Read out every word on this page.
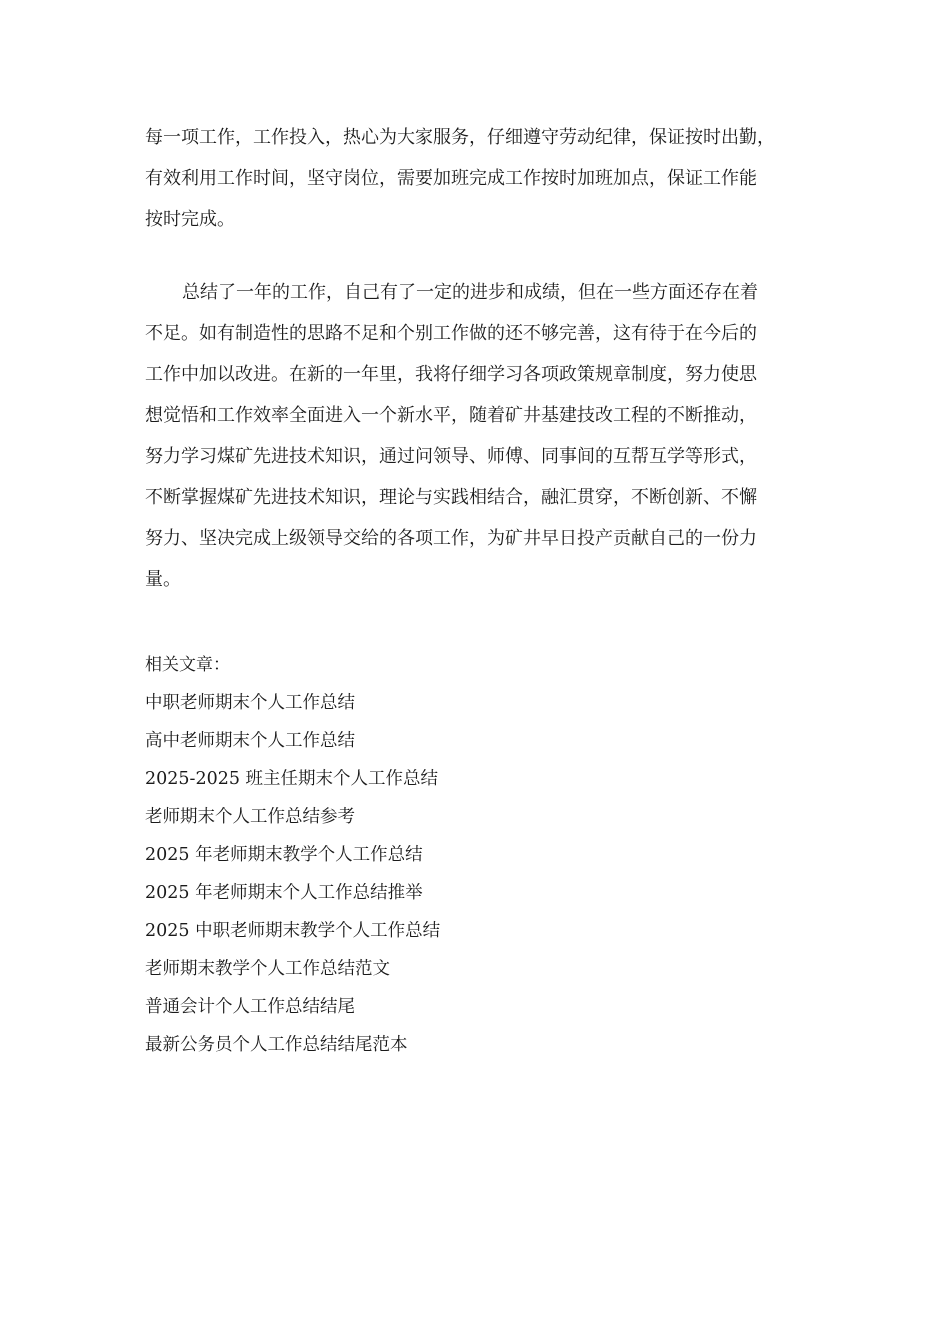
每一项工作，工作投入，热心为大家服务，仔细遵守劳动纪律，保证按时出勤，
有效利用工作时间，坚守岗位，需要加班完成工作按时加班加点，保证工作能
按时完成。
总结了一年的工作，自己有了一定的进步和成绩，但在一些方面还存在着
不足。如有制造性的思路不足和个别工作做的还不够完善，这有待于在今后的
工作中加以改进。在新的一年里，我将仔细学习各项政策规章制度，努力使思
想觉悟和工作效率全面进入一个新水平，随着矿井基建技改工程的不断推动，
努力学习煤矿先进技术知识，通过问领导、师傅、同事间的互帮互学等形式，
不断掌握煤矿先进技术知识，理论与实践相结合，融汇贯穿，不断创新、不懈
努力、坚决完成上级领导交给的各项工作，为矿井早日投产贡献自己的一份力
量。
相关文章：
中职老师期末个人工作总结
高中老师期末个人工作总结
2025-2025 班主任期末个人工作总结
老师期末个人工作总结参考
2025 年老师期末教学个人工作总结
2025 年老师期末个人工作总结推举
2025 中职老师期末教学个人工作总结
老师期末教学个人工作总结范文
普通会计个人工作总结结尾
最新公务员个人工作总结结尾范本
